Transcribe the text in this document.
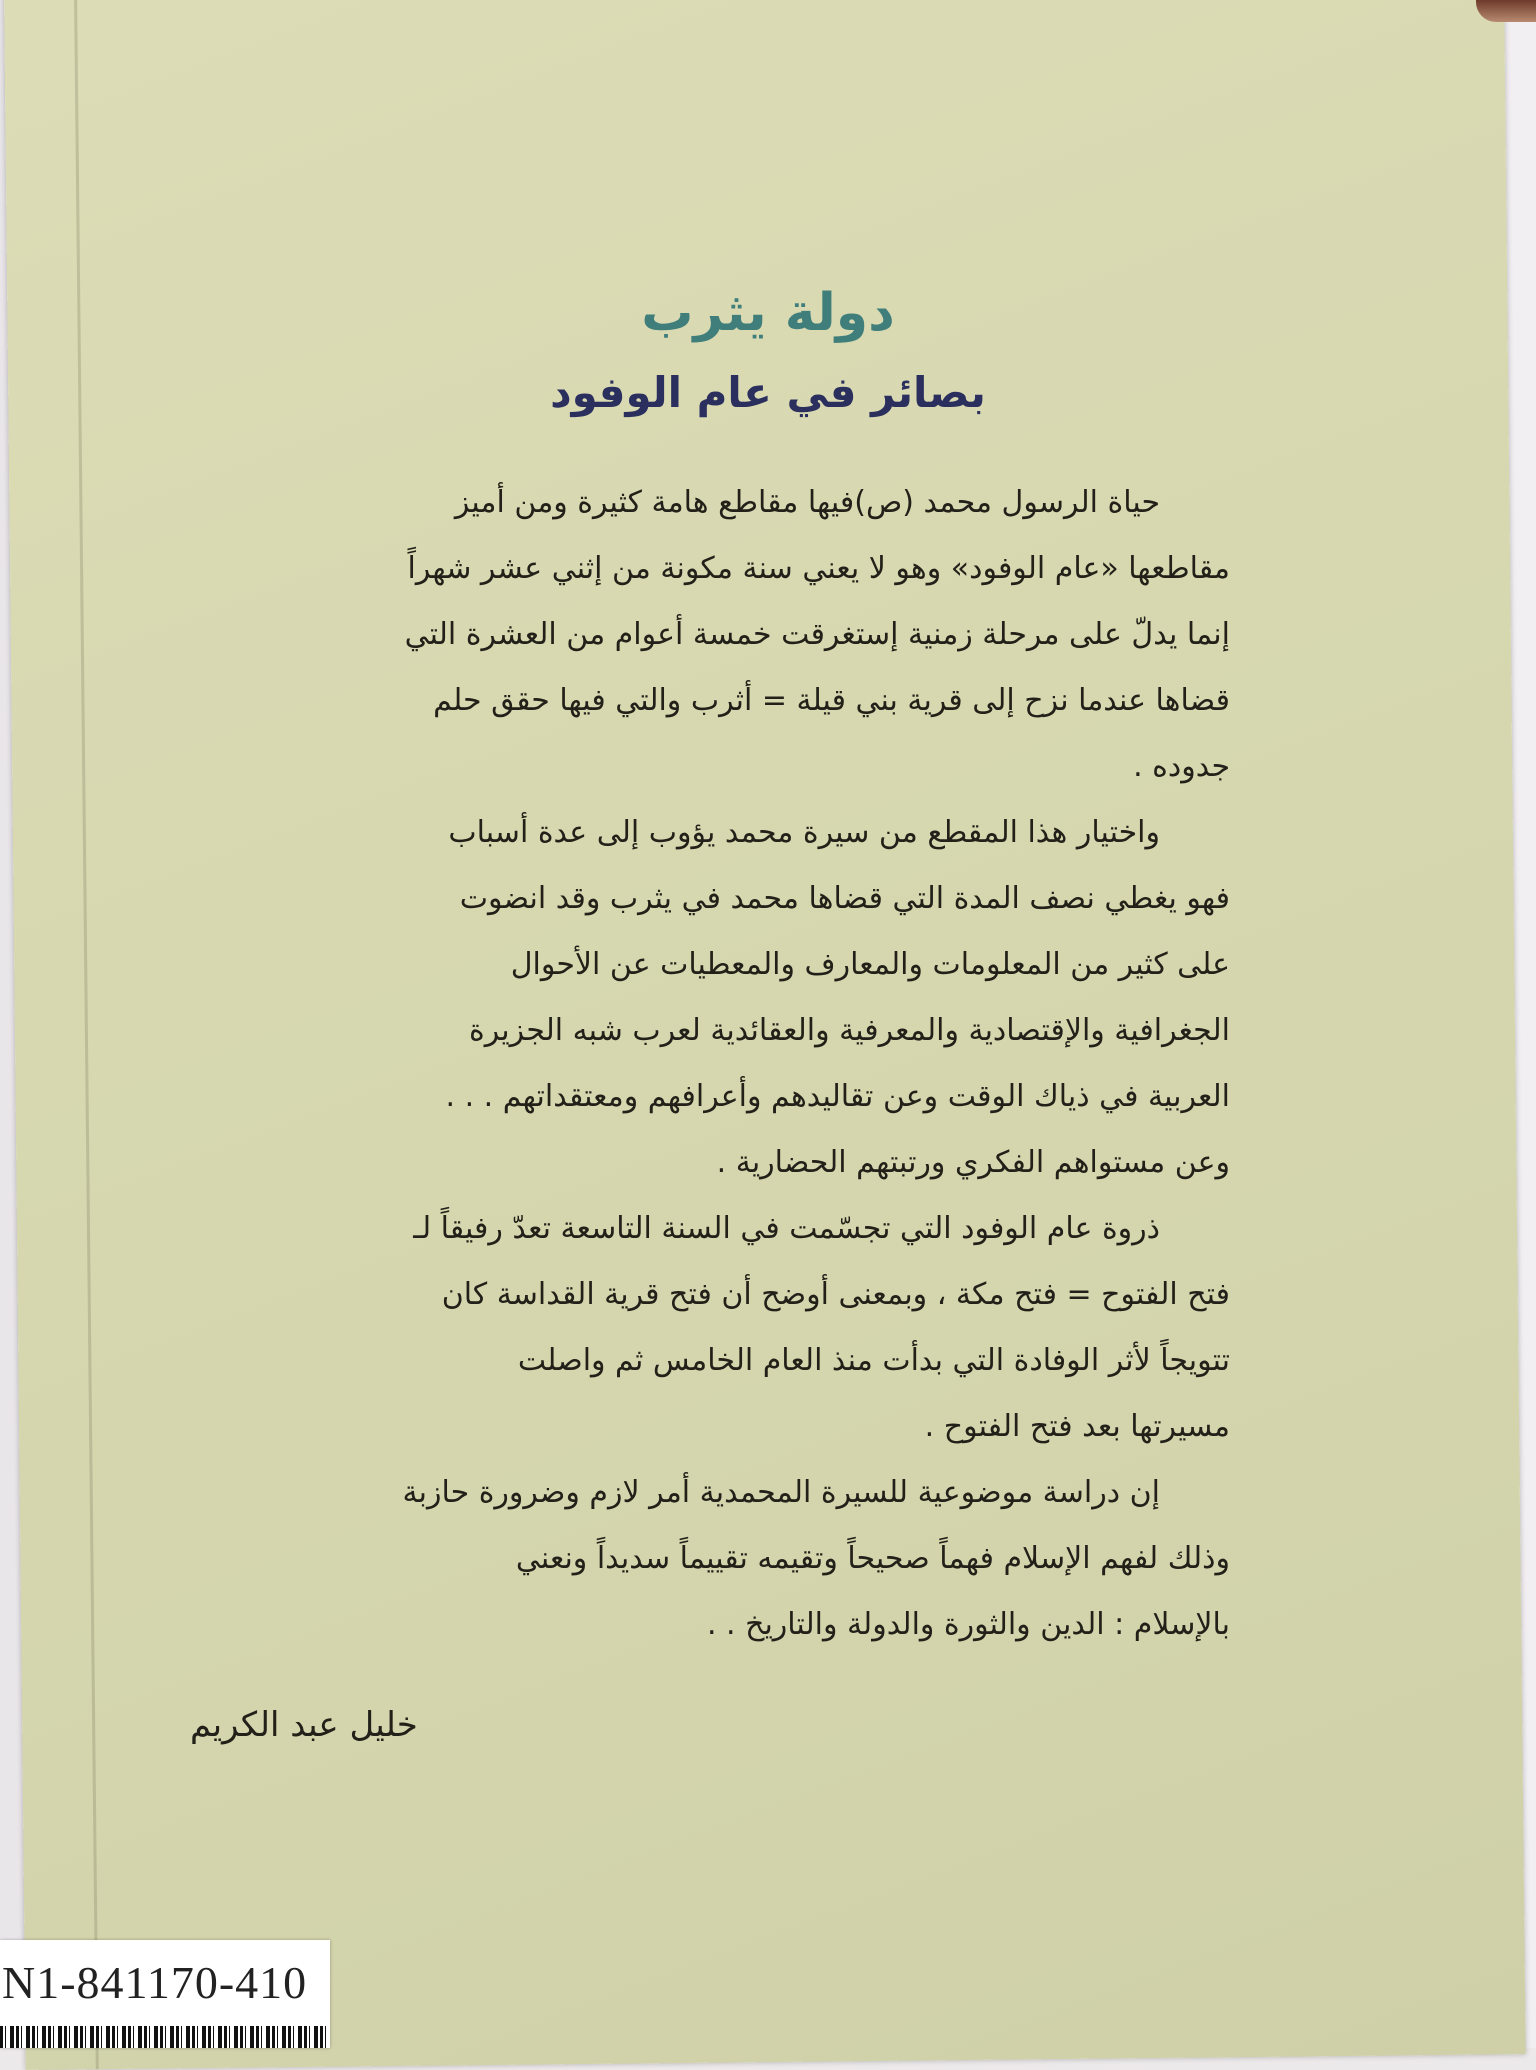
دولة يثرب
بصائر في عام الوفود
حياة الرسول محمد (ص)فيها مقاطع هامة كثيرة ومن أميز
مقاطعها «عام الوفود» وهو لا يعني سنة مكونة من إثني عشر شهراً
إنما يدلّ على مرحلة زمنية إستغرقت خمسة أعوام من العشرة التي
قضاها عندما نزح إلى قرية بني قيلة = أثرب والتي فيها حقق حلم
جدوده .
واختيار هذا المقطع من سيرة محمد يؤوب إلى عدة أسباب
فهو يغطي نصف المدة التي قضاها محمد في يثرب وقد انضوت
على كثير من المعلومات والمعارف والمعطيات عن الأحوال
الجغرافية والإقتصادية والمعرفية والعقائدية لعرب شبه الجزيرة
العربية في ذياك الوقت وعن تقاليدهم وأعرافهم ومعتقداتهم . . .
وعن مستواهم الفكري ورتبتهم الحضارية .
ذروة عام الوفود التي تجسّمت في السنة التاسعة تعدّ رفيقاً لـ
فتح الفتوح = فتح مكة ، وبمعنى أوضح أن فتح قرية القداسة كان
تتويجاً لأثر الوفادة التي بدأت منذ العام الخامس ثم واصلت
مسيرتها بعد فتح الفتوح .
إن دراسة موضوعية للسيرة المحمدية أمر لازم وضرورة حازبة
وذلك لفهم الإسلام فهماً صحيحاً وتقيمه تقييماً سديداً ونعني
بالإسلام : الدين والثورة والدولة والتاريخ . .
خليل عبد الكريم
N1-841170-410
